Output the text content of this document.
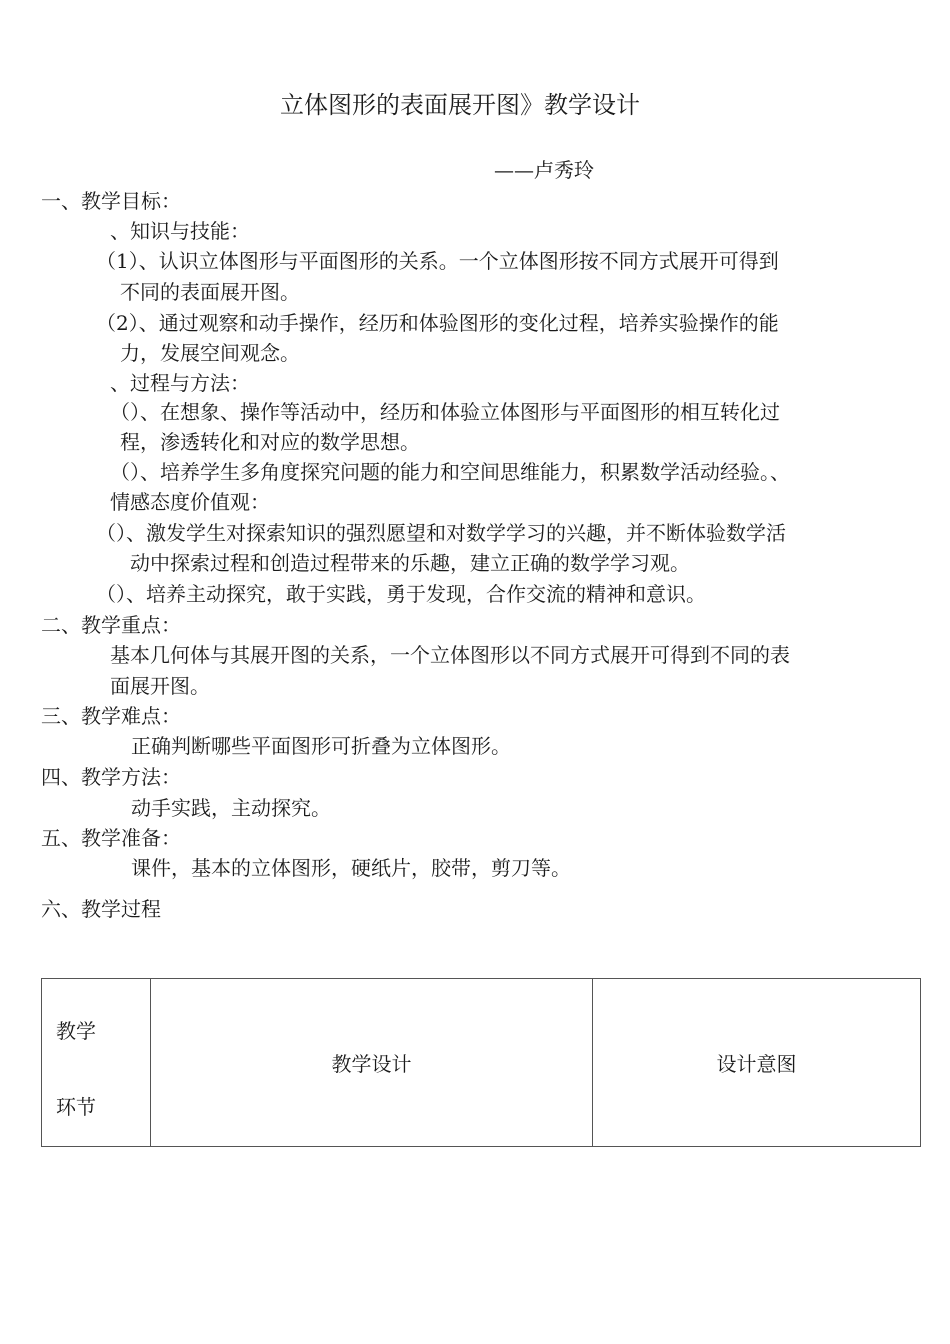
立体图形的表面展开图》教学设计
——卢秀玲
一、教学目标：
、知识与技能：
（1）、认识立体图形与平面图形的关系。一个立体图形按不同方式展开可得到
不同的表面展开图。
（2）、通过观察和动手操作，经历和体验图形的变化过程，培养实验操作的能
力，发展空间观念。
、过程与方法：
（）、在想象、操作等活动中，经历和体验立体图形与平面图形的相互转化过
程，渗透转化和对应的数学思想。
（）、培养学生多角度探究问题的能力和空间思维能力，积累数学活动经验。、
情感态度价值观：
（）、激发学生对探索知识的强烈愿望和对数学学习的兴趣，并不断体验数学活
动中探索过程和创造过程带来的乐趣，建立正确的数学学习观。
（）、培养主动探究，敢于实践，勇于发现，合作交流的精神和意识。
二、教学重点：
基本几何体与其展开图的关系，一个立体图形以不同方式展开可得到不同的表
面展开图。
三、教学难点：
正确判断哪些平面图形可折叠为立体图形。
四、教学方法：
动手实践，主动探究。
五、教学准备：
课件，基本的立体图形，硬纸片，胶带，剪刀等。
六、教学过程
教学
环节
	教学设计	设计意图
